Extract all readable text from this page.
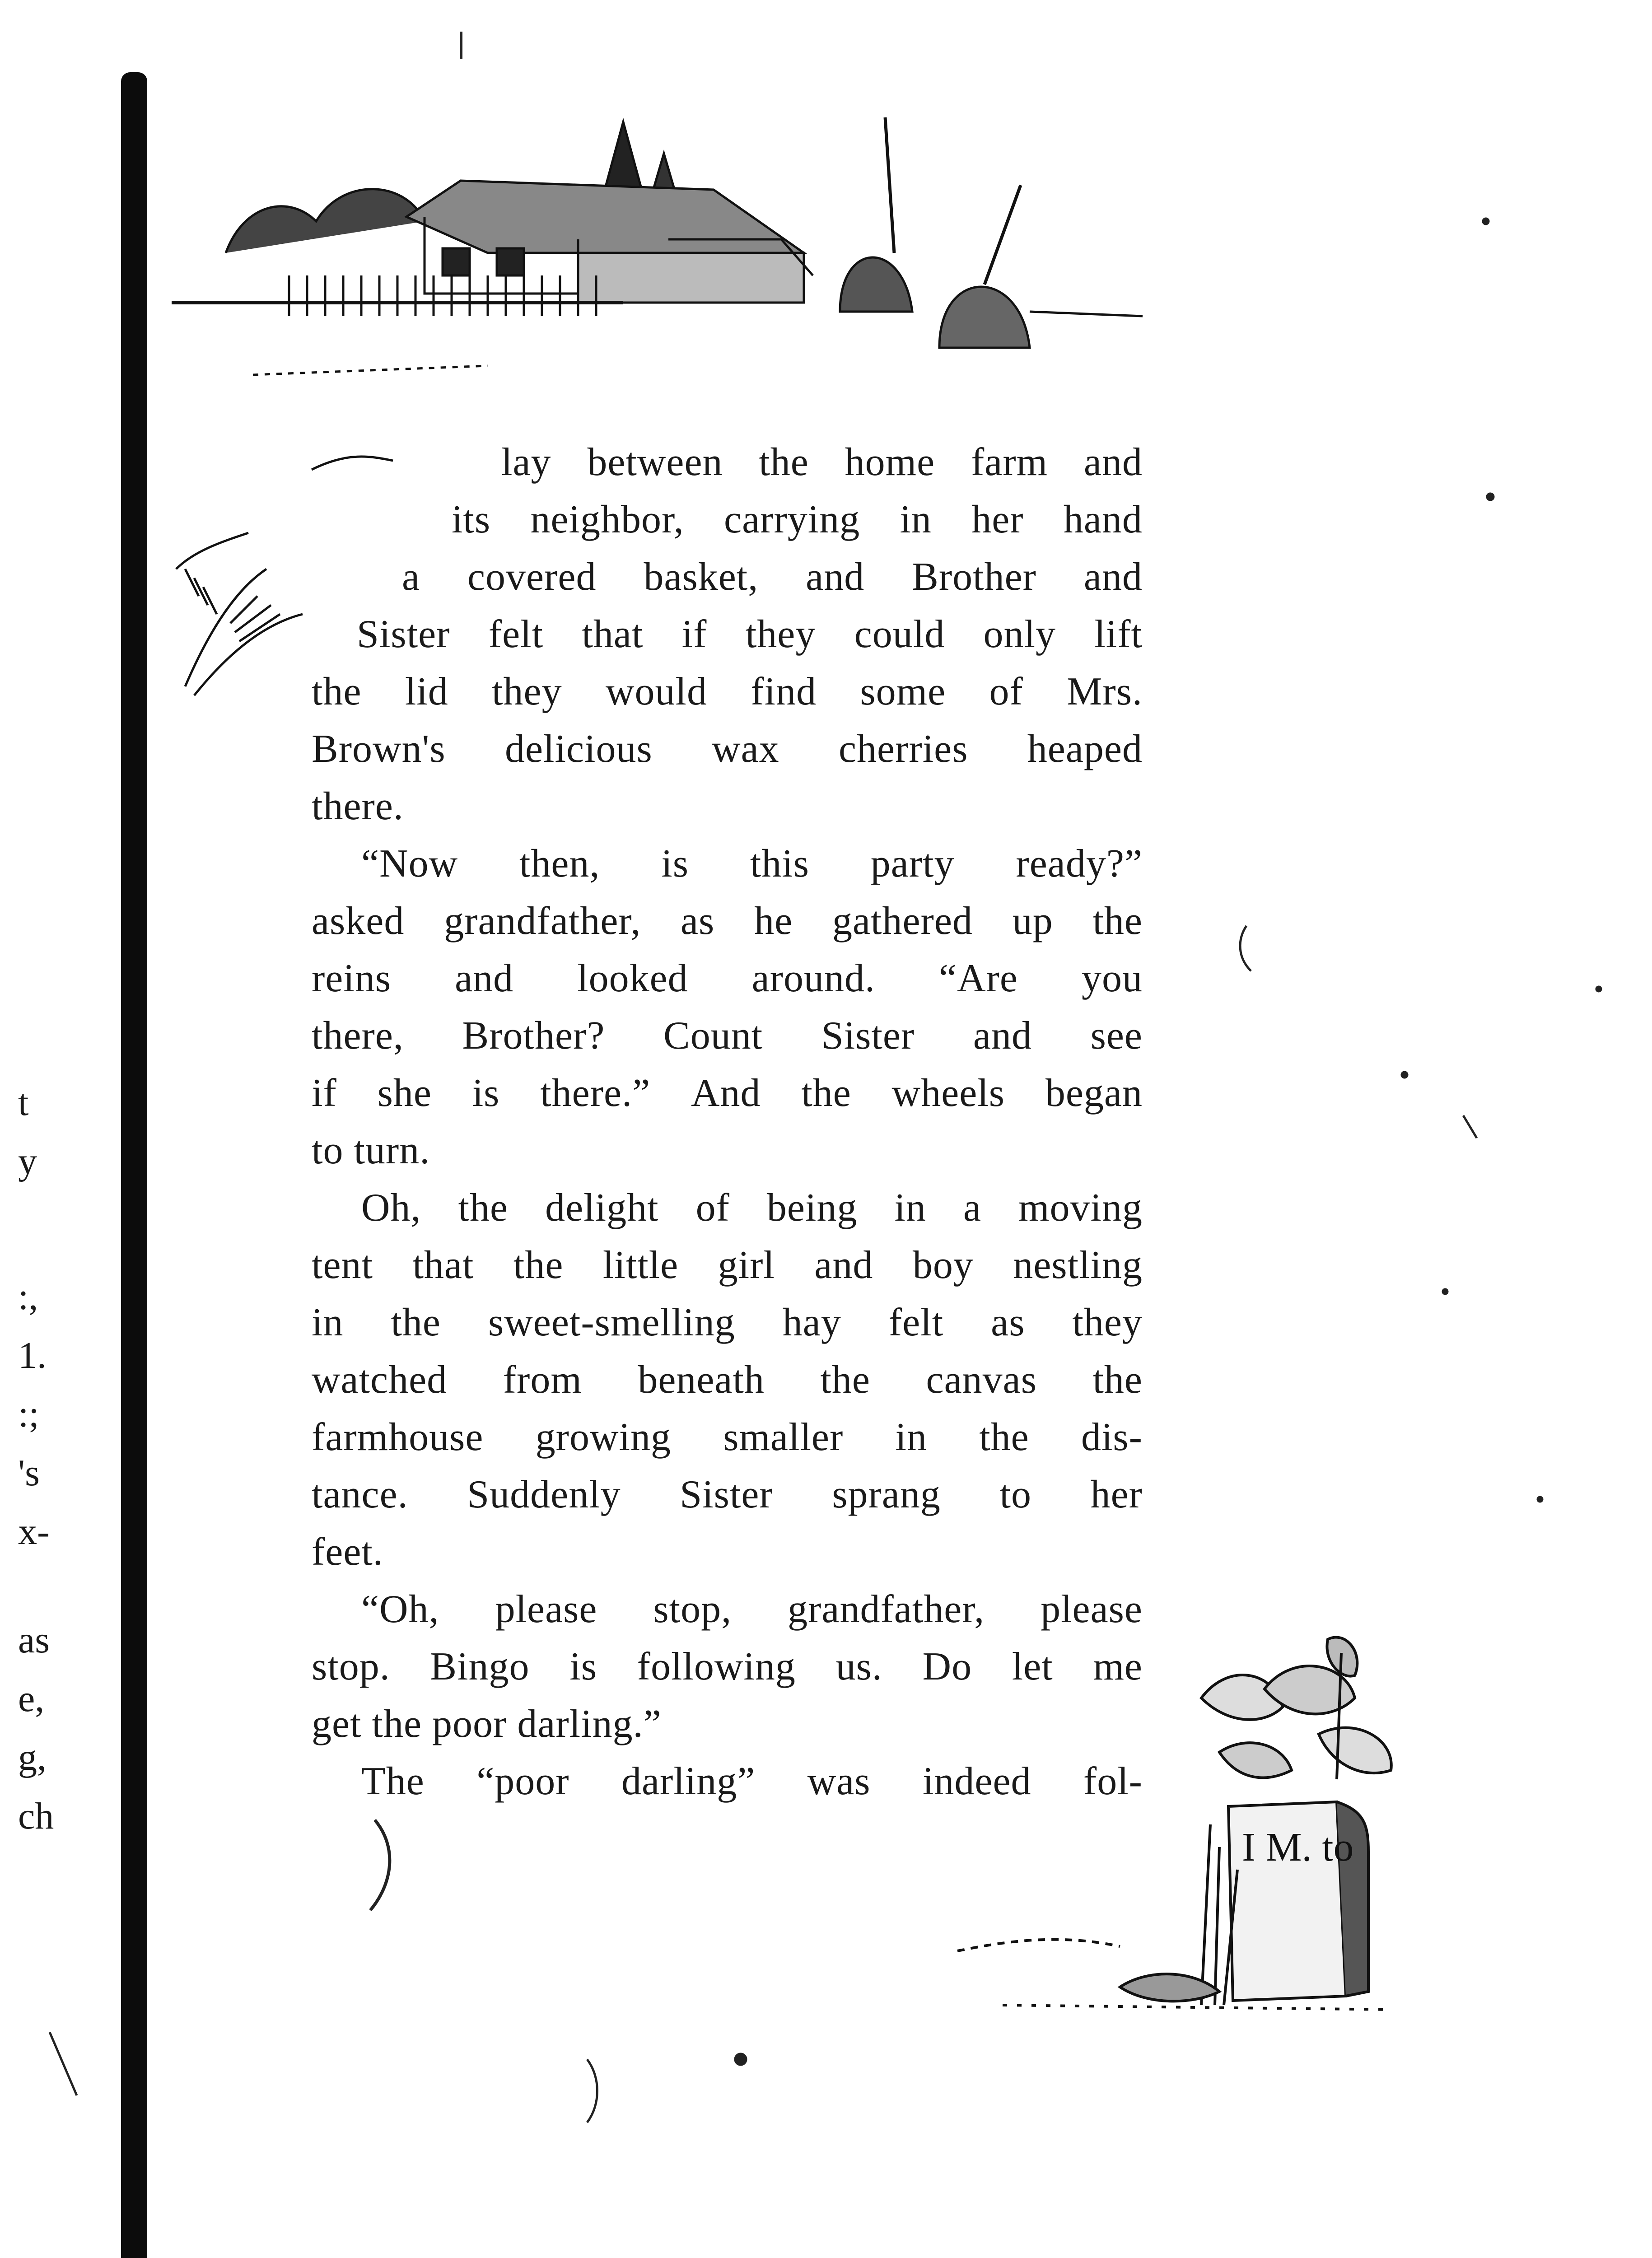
t
y
:,
1.
:;
's
x-
as
e,
g,
ch
lay between the home farm and
its neighbor, carrying in her hand
a covered basket, and Brother and
Sister felt that if they could only lift
the lid they would find some of Mrs.
Brown's delicious wax cherries heaped
there.
“Now then, is this party ready?”
asked grandfather, as he gathered up the
reins and looked around. “Are you
there, Brother? Count Sister and see
if she is there.” And the wheels began
to turn.
Oh, the delight of being in a moving
tent that the little girl and boy nestling
in the sweet-smelling hay felt as they
watched from beneath the canvas the
farmhouse growing smaller in the dis-
tance. Suddenly Sister sprang to her
feet.
“Oh, please stop, grandfather, please
stop. Bingo is following us. Do let me
get the poor darling.”
The “poor darling” was indeed fol-
I M. to
